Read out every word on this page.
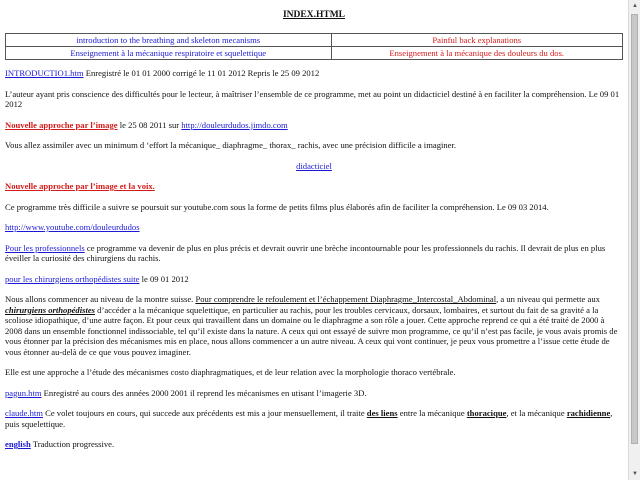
INDEX.HTML
introduction to the breathing and skeleton mecanisms	Painful back explanations
Enseignement à la mécanique respiratoire et squelettique	Enseignement à la mécanique des douleurs du dos.

INTRODUCTIO1.htm Enregistré le 01 01 2000 corrigé le 11 01 2012 Repris le 25 09 2012

L’auteur ayant pris conscience des difficultés pour le lecteur, à maîtriser l’ensemble de ce programme, met au point un didacticiel destiné à en faciliter la compréhension. Le 09 01 2012

Nouvelle approche par l’image le 25 08 2011 sur http://douleurdudos.jimdo.com

Vous allez assimiler avec un minimum d ‘effort la mécanique_ diaphragme_ thorax_ rachis, avec une précision difficile a imaginer.

didacticiel

Nouvelle approche par l’image et la voix.

Ce programme très difficile a suivre se poursuit sur youtube.com sous la forme de petits films plus élaborés afin de faciliter la compréhension. Le 09 03 2014.

http://www.youtube.com/douleurdudos

Pour les professionnels ce programme va devenir de plus en plus précis et devrait ouvrir une brèche incontournable pour les professionnels du rachis. Il devrait de plus en plus éveiller la curiosité des chirurgiens du rachis.

pour les chirurgiens orthopédistes suite le 09 01 2012

Nous allons commencer au niveau de la montre suisse. Pour comprendre le refoulement et l’échappement Diaphragme_Intercostal_Abdominal, a un niveau qui permette aux chirurgiens orthopédistes d’accéder a la mécanique squelettique, en particulier au rachis, pour les troubles cervicaux, dorsaux, lombaires, et surtout du fait de sa gravité a la scoliose idiopathique, d’une autre façon. Et pour ceux qui travaillent dans un domaine ou le diaphragme a son rôle a jouer. Cette approche reprend ce qui a été traité de 2000 à 2008 dans un ensemble fonctionnel indissociable, tel qu’il existe dans la nature. A ceux qui ont essayé de suivre mon programme, ce qu’il n’est pas facile, je vous avais promis de vous étonner par la précision des mécanismes mis en place, nous allons commencer a un autre niveau. A ceux qui vont continuer, je peux vous promettre a l’issue cette étude de vous étonner au-delà de ce que vous pouvez imaginer.

Elle est une approche a l’étude des mécanismes costo diaphragmatiques, et de leur relation avec la morphologie thoraco vertébrale.

pagun.htm Enregistré au cours des années 2000 2001 il reprend les mécanismes en utisant l’imagerie 3D.

claude.htm Ce volet toujours en cours, qui succede aux précédents est mis a jour mensuellement, il traite des liens entre la mécanique thoracique, et la mécanique rachidienne, puis squelettique.

english Traduction progressive.

▲
▼
